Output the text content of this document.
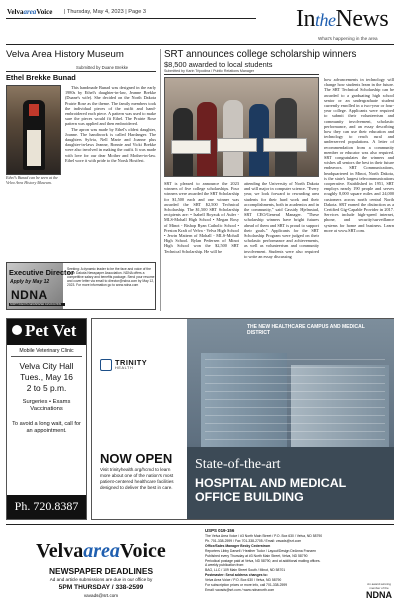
VelvaareaVoice | Thursday, May 4, 2023 | Page 3	IntheNews
What's happening in the area
Velva Area History Museum
Submitted by Duane Brekke
Ethel Brekke Bunad
Ethel's Bunad can be seen at the Velva Area History Museum.

This handmade Bunad was designed in the early 1980s by Ethel's daughter-in-law, Jeanne Brekke (Duane's wife). She decided on the North Dakota Prairie Rose as the theme. The family members took the individual pieces of the outfit and hand-embroidered each piece. A pattern was used to make sure the pieces would fit Ethel. The Prairie Rose pattern was applied and then embroidered.

The apron was made by Ethel's oldest daughter, Joanne. The handiwork is called Hardanger. The daughters Sylvia, Nell Marie and Joanne plus daughter-in-laws Jeanne, Bonnie and Vicki Brekke were also involved in making the outfit. It was made with love for our dear Mother and Mother-in-law. Ethel wore it with pride to the Norsk Hostfest.

Executive Director
Apply by May 12
NDNA
NORTH DAKOTA NEWSPAPER ASSOCIATION
Seeking: A dynamic leader to be the face and voice of the North Dakota Newspaper Association. NDNA offers a competitive salary and benefits package. Send your resume and cover letter via email to director@ndna.com by May 12, 2023. For more information go to www.ndna.com
SRT announces college scholarship winners
$8,500 awarded to local students
Submitted by Karin Tripodina / Public Relations Manager
SRT is pleased to announce the 2023 winners of five college scholarships. Four winners were awarded the SRT Scholarship for $1,500 each and one winner was awarded the SRT $2,500 Technical Scholarship. The $1,500 SRT Scholarship recipients are: • Isabell Boyzuk of Auler - MLS-Mohall High School • Megan Rosy of Minot - Bishop Ryan Catholic School • Preston Kraft of Velva - Velva High School • Jewin Mattern of Mohall - MLS-Mohall High School. Rylan Pedersen of Minot High School won the $2,500 SRT Technical Scholarship. He will be
attending the University of North Dakota and will major in computer science. "Every year, we look forward to rewarding area students for their hard work and their accomplishments, both in academics and in the community," said Cassidy Hjelmstad, SRT CEO/General Manager. "These scholarship winners have bright futures ahead of them and SRT is proud to support their goals." Applicants for the SRT Scholarship Program were judged on their scholastic performance and achievements, as well as volunteerism and community involvement. Students were also required to write an essay discussing
how advancements in technology will change how students learn in the future. The SRT Technical Scholarship can be awarded to a graduating high school senior or an undergraduate student currently enrolled in a two-year or four-year college. Applicants were required to submit their volunteerism and community involvement, scholastic performance, and an essay describing how they can use their education and technology to reach rural and underserved populations. A letter of recommendation from a community member or educator was also required. SRT congratulates the winners and wishes all seniors the best in their future endeavors. SRT Communications, headquartered in Minot, North Dakota, is the state's largest telecommunications cooperative. Established in 1951, SRT employs nearly 190 people and serves roughly 8,000 square miles and 24,000 customers across north central North Dakota. SRT earned the distinction as a Certified Gig-Capable Provider in 2017. Services include high-speed internet, phone, and security/surveillance systems for home and business. Learn more at www.SRT.com.
Pet Vet
Mobile Veterinary Clinic
Velva City Hall
Tues., May 16
2 to 5 p.m.
Surgeries • Exams Vaccinations
To avoid a long wait, call for an appointment.
Ph. 720.8387
TRINITY
HEALTH
NOW OPEN
Visit trinityhealth.org/hcmd to learn more about one of the nation's most patient-centered healthcare facilities designed to deliver the best in care.
THE NEW HEALTHCARE CAMPUS AND MEDICAL DISTRICT
State-of-the-art
HOSPITAL AND MEDICAL OFFICE BUILDING
VelvaareaVoice
NEWSPAPER DEADLINES
Ad and article submissions are due in our office by
5PM THURSDAY / 338-2599
vavads@srt.com
USPS 019-156
The Velva Area Voice / #3 North Main Street / P.O. Box 630 / Velva, ND 58790
Ph. 701-338-2599 / Fax 701-338-2705 / Email: vavads@srt.com
Office/Sales Manager Becky Cederstrom
Reporters Libby Darsell / Heather Tudor / Layout/Design DeAnna Franzen
Published every Thursday at #3 North Main Street, Velva, ND 58790
Periodical postage paid at Velva, ND 58790, and at additional mailing offices.
A weekly publication from:
BAG, LLC / 109 Main Street South / Minot, ND 58701
Postmaster: Send address changes to:
Velva Area Voice / P.O. Box 630 / Velva, ND 58790
For subscription prices or more info, call 701-338-2599
Email: vavads@srt.com / www.ndnanorth.com
An award-winning
member of the
NDNA
